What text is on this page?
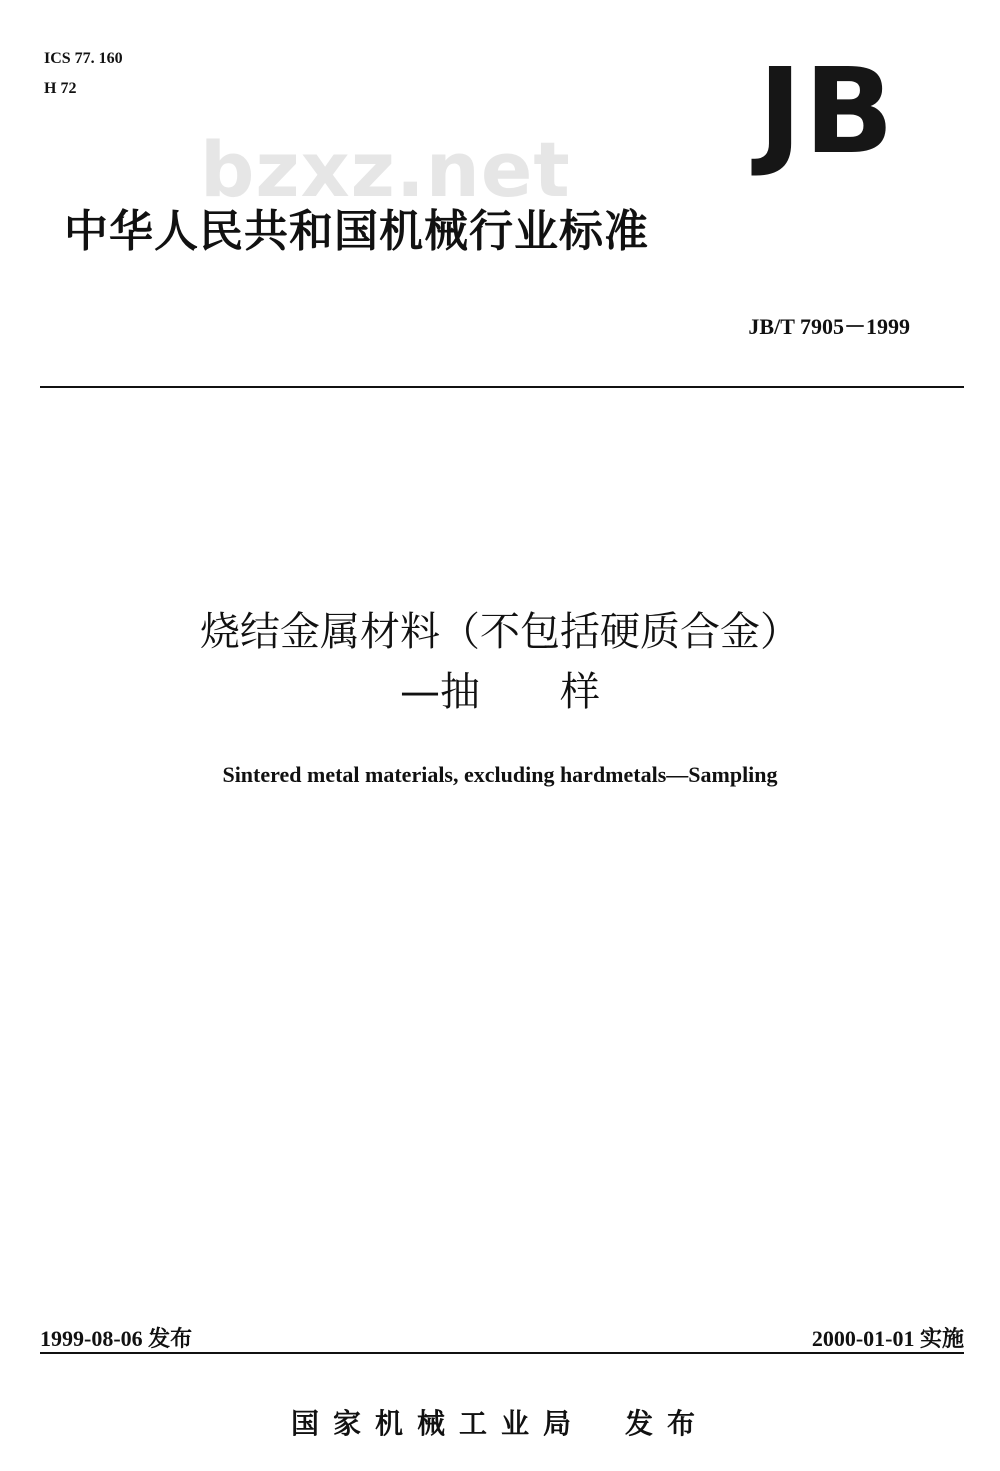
ICS 77. 160
H 72	JB
bzxz.net
中华人民共和国机械行业标准
JB/T 7905－1999
烧结金属材料（不包括硬质合金）
—抽　　样
Sintered metal materials, excluding hardmetals—Sampling
1999-08-06 发布	2000-01-01 实施
国家机械工业局 发布
